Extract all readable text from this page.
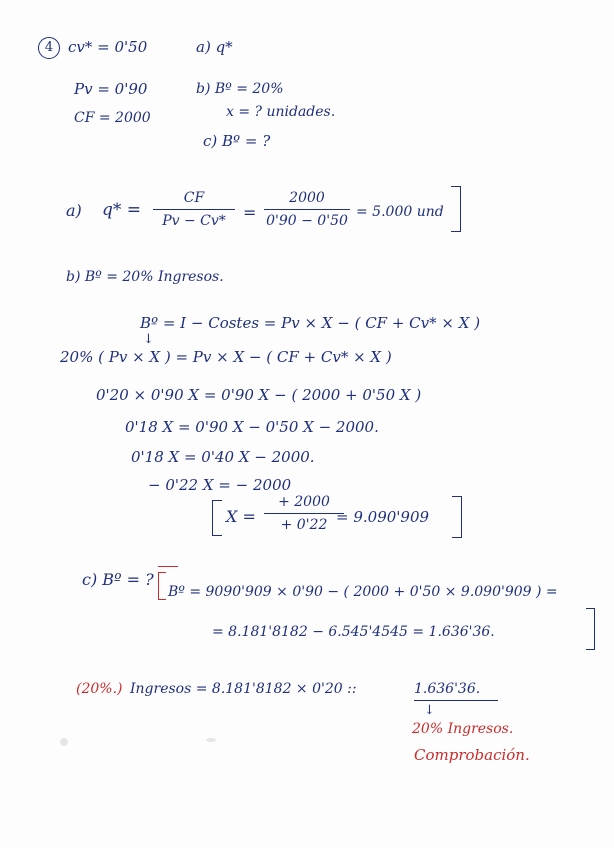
4 cv* = 0'50
Pv = 0'90
CF = 2000
a) q*
b) Bº = 20%
x = ? unidades.
c) Bº = ?
a) q* =
CF
Pv − Cv*	=
2000
0'90 − 0'50
= 5.000 und
b) Bº = 20% Ingresos.
Bº = I − Costes = Pv × X − ( CF + Cv* × X )
↓
20% ( Pv × X ) = Pv × X − ( CF + Cv* × X )
0'20 × 0'90 X = 0'90 X − ( 2000 + 0'50 X )
0'18 X = 0'90 X − 0'50 X − 2000.
0'18 X = 0'40 X − 2000.
− 0'22 X = − 2000
X =
+ 2000
+ 0'22 = 9.090'909
c) Bº = ?
Bº = 9090'909 × 0'90 − ( 2000 + 0'50 × 9.090'909 ) =
= 8.181'8182 − 6.545'4545 = 1.636'36.
(20%.) Ingresos = 8.181'8182 × 0'20 ::	1.636'36.
↓
20% Ingresos.
Comprobación.
